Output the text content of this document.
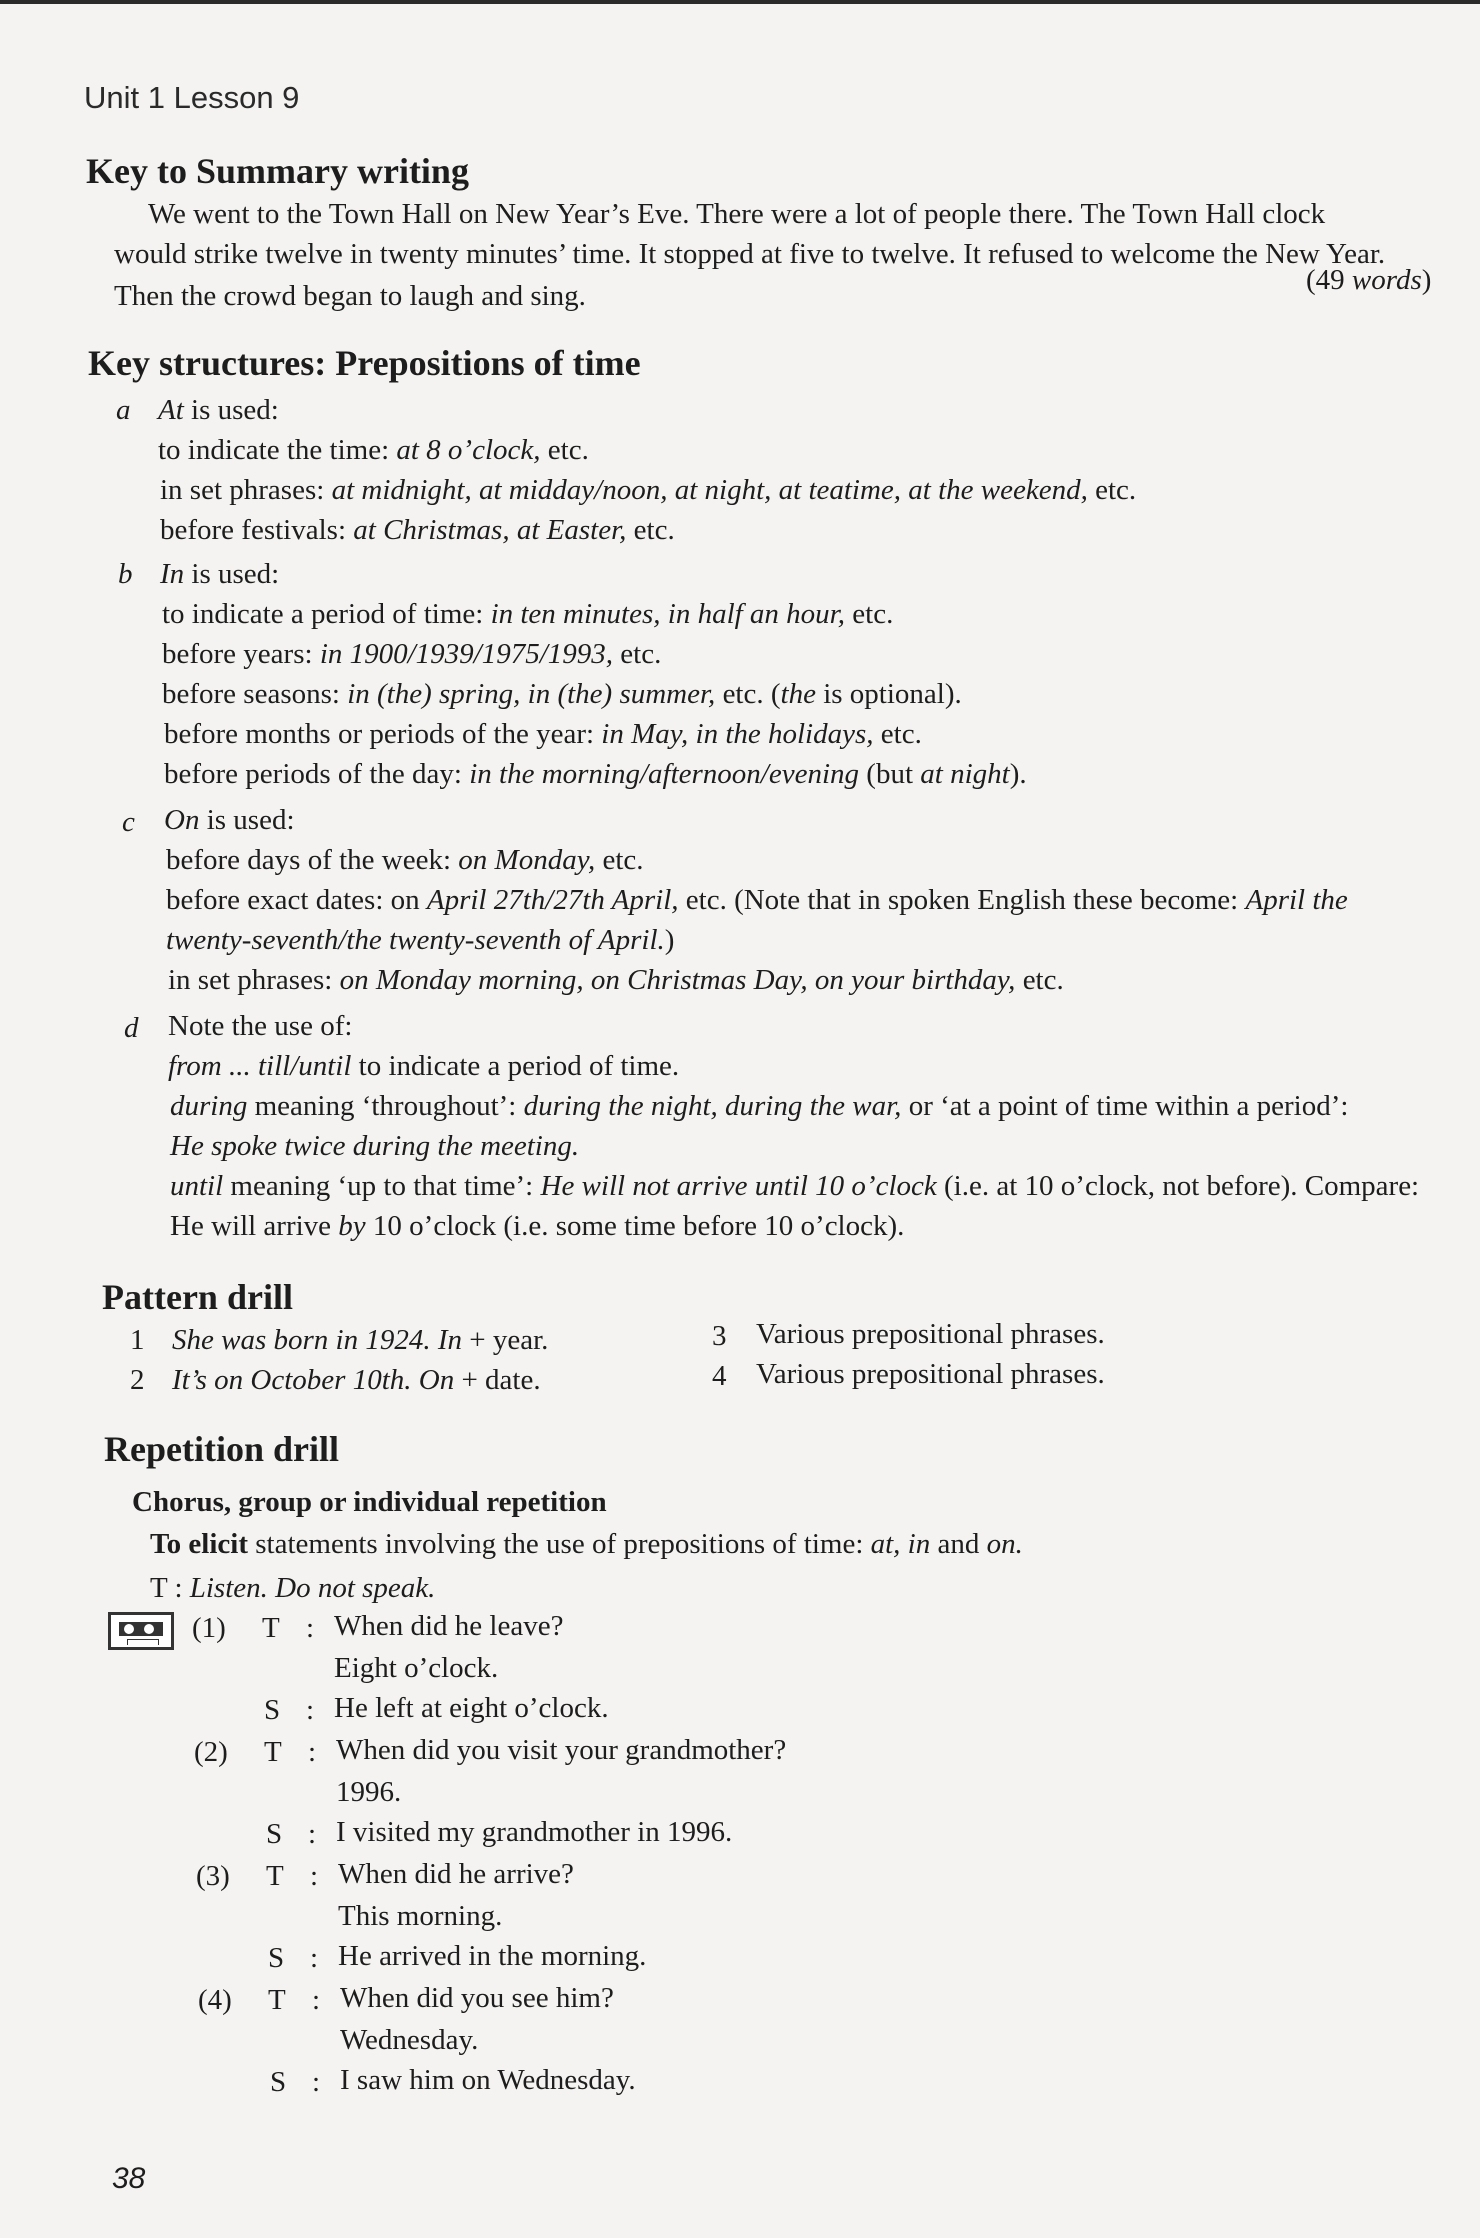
Unit 1 Lesson 9
Key to Summary writing
We went to the Town Hall on New Year’s Eve. There were a lot of people there. The Town Hall clock
would strike twelve in twenty minutes’ time. It stopped at five to twelve. It refused to welcome the New Year.
Then the crowd began to laugh and sing.	(49 words)
Key structures: Prepositions of time
a At is used:
to indicate the time: at 8 o’clock, etc.
in set phrases: at midnight, at midday/noon, at night, at teatime, at the weekend, etc.
before festivals: at Christmas, at Easter, etc.
b In is used:
to indicate a period of time: in ten minutes, in half an hour, etc.
before years: in 1900/1939/1975/1993, etc.
before seasons: in (the) spring, in (the) summer, etc. (the is optional).
before months or periods of the year: in May, in the holidays, etc.
before periods of the day: in the morning/afternoon/evening (but at night).
c On is used:
before days of the week: on Monday, etc.
before exact dates: on April 27th/27th April, etc. (Note that in spoken English these become: April the
twenty-seventh/the twenty-seventh of April.)
in set phrases: on Monday morning, on Christmas Day, on your birthday, etc.
d Note the use of:
from ... till/until to indicate a period of time.
during meaning ‘throughout’: during the night, during the war, or ‘at a point of time within a period’:
He spoke twice during the meeting.
until meaning ‘up to that time’: He will not arrive until 10 o’clock (i.e. at 10 o’clock, not before). Compare:
He will arrive by 10 o’clock (i.e. some time before 10 o’clock).
Pattern drill
1 She was born in 1924. In + year.
2 It’s on October 10th. On + date.
3 Various prepositional phrases.
4 Various prepositional phrases.
Repetition drill
Chorus, group or individual repetition
To elicit statements involving the use of prepositions of time: at, in and on.
T : Listen. Do not speak.
(1) T : When did he leave?
Eight o’clock.
S : He left at eight o’clock.
(2) T : When did you visit your grandmother?
1996.
S : I visited my grandmother in 1996.
(3) T : When did he arrive?
This morning.
S : He arrived in the morning.
(4) T : When did you see him?
Wednesday.
S : I saw him on Wednesday.
38
